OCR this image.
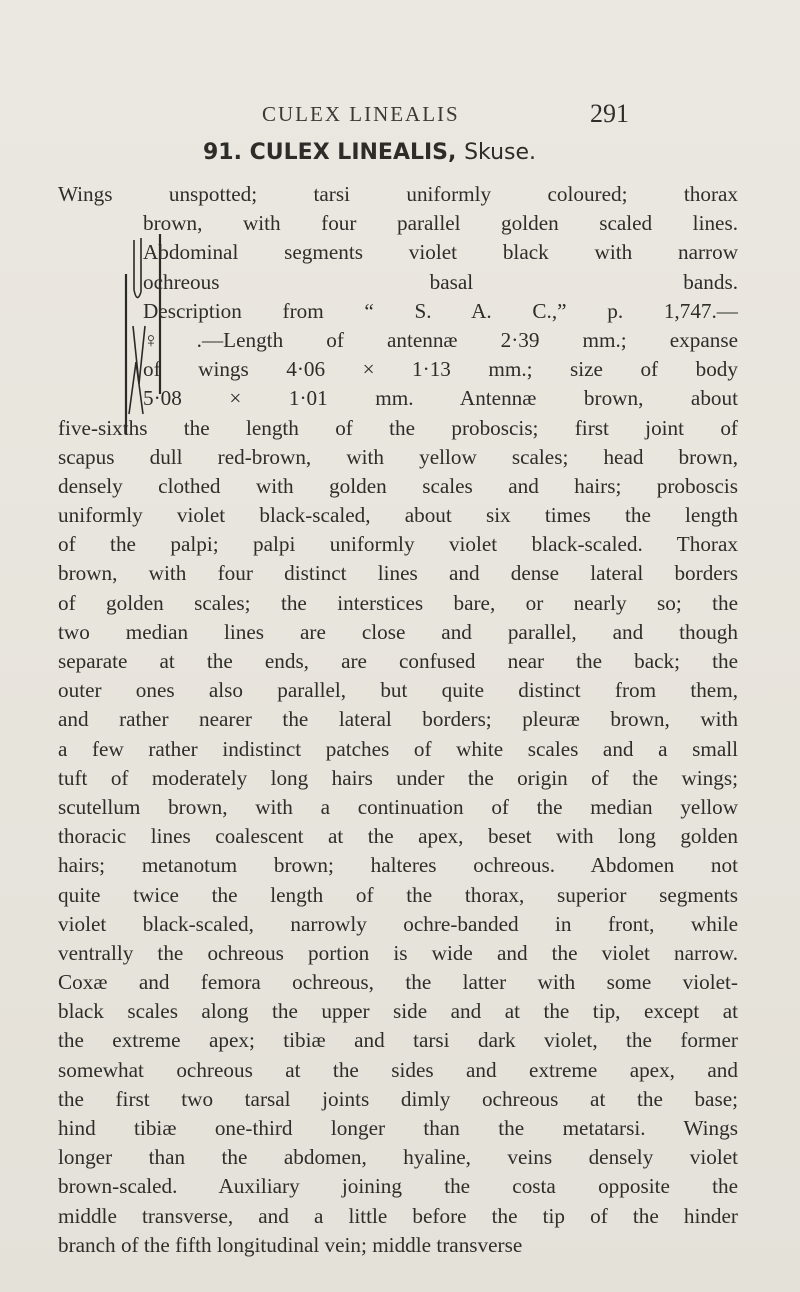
CULEX LINEALIS	291
91. CULEX LINEALIS, Skuse.
Wings unspotted; tarsi uniformly coloured; thorax
brown, with four parallel golden scaled lines.
Abdominal segments violet black with narrow
ochreous basal bands.
Description from “ S. A. C.,” p. 1,747.—
♀.—Length of antennæ 2·39 mm.; expanse
of wings 4·06 × 1·13 mm.; size of body
5·08 × 1·01 mm. Antennæ brown, about
five-sixths the length of the proboscis; first joint of
scapus dull red-brown, with yellow scales; head brown,
densely clothed with golden scales and hairs; proboscis
uniformly violet black-scaled, about six times the length
of the palpi; palpi uniformly violet black-scaled. Thorax
brown, with four distinct lines and dense lateral borders
of golden scales; the interstices bare, or nearly so; the
two median lines are close and parallel, and though
separate at the ends, are confused near the back; the
outer ones also parallel, but quite distinct from them,
and rather nearer the lateral borders; pleuræ brown, with
a few rather indistinct patches of white scales and a small
tuft of moderately long hairs under the origin of the wings;
scutellum brown, with a continuation of the median yellow
thoracic lines coalescent at the apex, beset with long golden
hairs; metanotum brown; halteres ochreous. Abdomen not
quite twice the length of the thorax, superior segments
violet black-scaled, narrowly ochre-banded in front, while
ventrally the ochreous portion is wide and the violet narrow.
Coxæ and femora ochreous, the latter with some violet-
black scales along the upper side and at the tip, except at
the extreme apex; tibiæ and tarsi dark violet, the former
somewhat ochreous at the sides and extreme apex, and
the first two tarsal joints dimly ochreous at the base;
hind tibiæ one-third longer than the metatarsi. Wings
longer than the abdomen, hyaline, veins densely violet
brown-scaled. Auxiliary joining the costa opposite the
middle transverse, and a little before the tip of the hinder
branch of the fifth longitudinal vein; middle transverse
